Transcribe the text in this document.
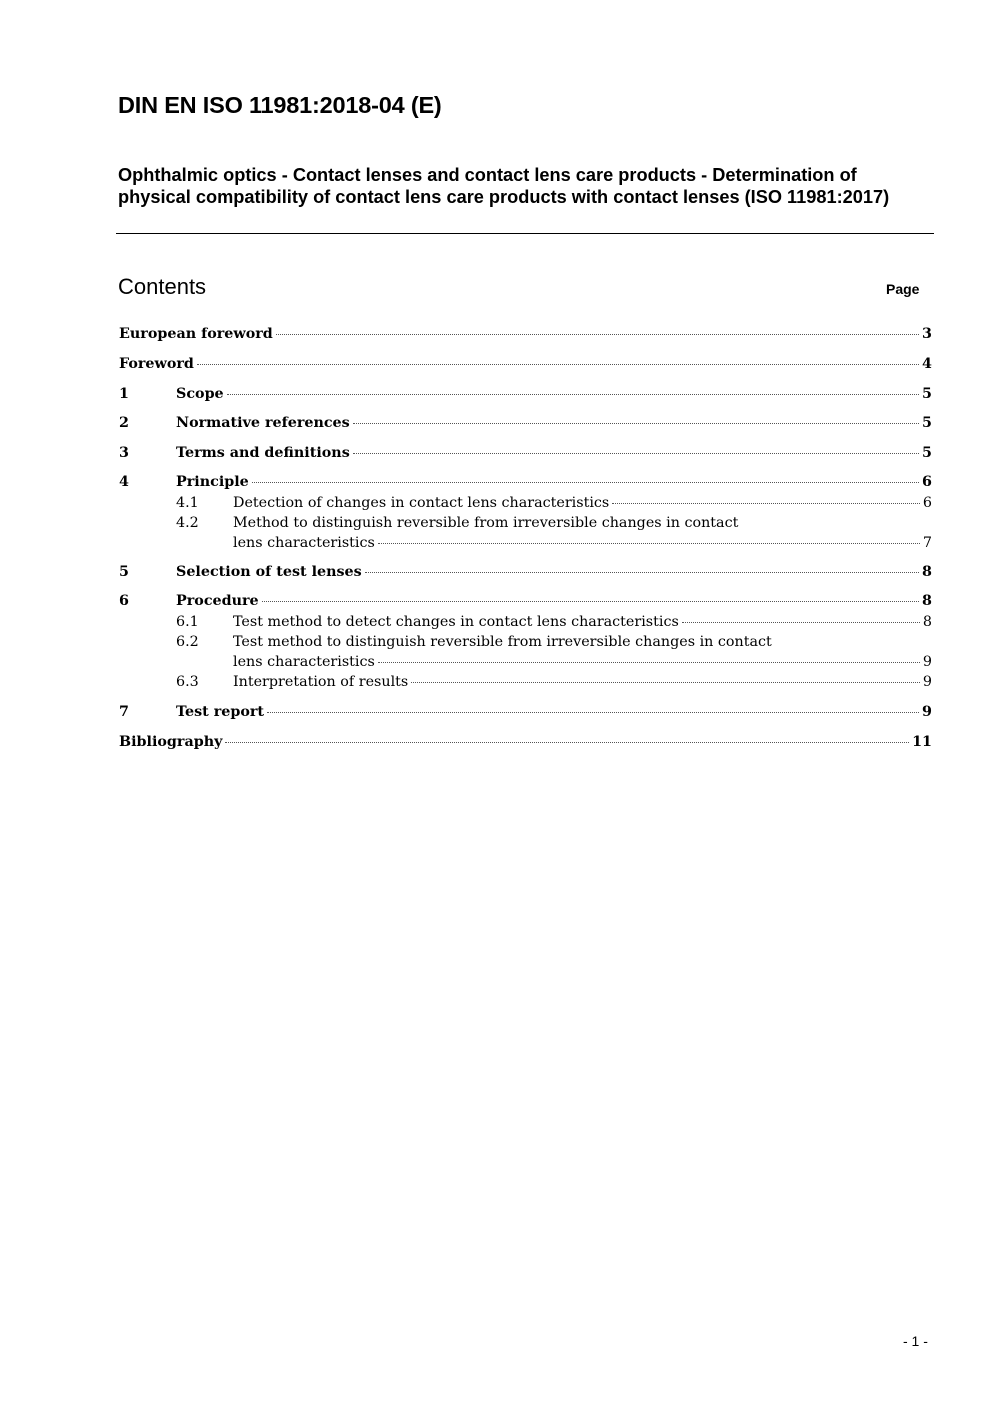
DIN EN ISO 11981:2018-04 (E)
Ophthalmic optics - Contact lenses and contact lens care products - Determination of physical compatibility of contact lens care products with contact lenses (ISO 11981:2017)
Contents	Page
European foreword	3
Foreword	4
1	Scope	5
2	Normative references	5
3	Terms and definitions	5
4	Principle	6
4.1 Detection of changes in contact lens characteristics	6
4.2 Method to distinguish reversible from irreversible changes in contact
lens characteristics	7
5	Selection of test lenses	8
6	Procedure	8
6.1 Test method to detect changes in contact lens characteristics	8
6.2 Test method to distinguish reversible from irreversible changes in contact
lens characteristics	9
6.3 Interpretation of results	9
7	Test report	9
Bibliography	11
- 1 -
